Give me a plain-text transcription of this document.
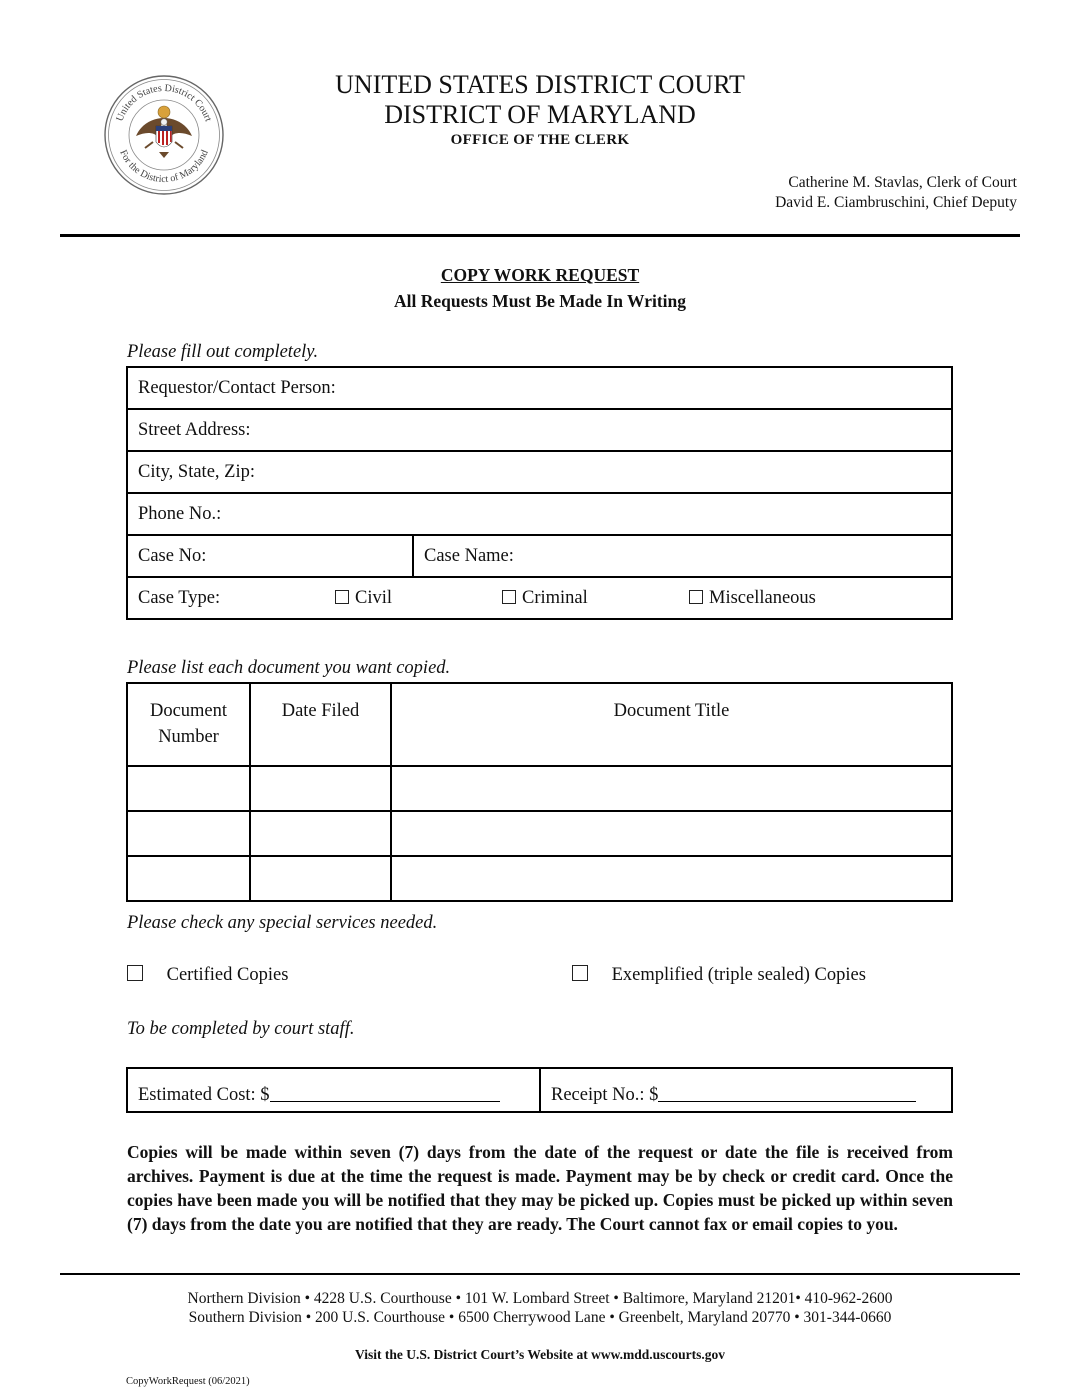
United States District Court
For the District of Maryland
UNITED STATES DISTRICT COURT
DISTRICT OF MARYLAND
OFFICE OF THE CLERK
Catherine M. Stavlas, Clerk of Court
David E. Ciambruschini, Chief Deputy
COPY WORK REQUEST
All Requests Must Be Made In Writing
Please fill out completely.
Requestor/Contact Person:
Street Address:
City, State, Zip:
Phone No.:
Case No:	Case Name:
Case Type:	Civil	Criminal	Miscellaneous
Please list each document you want copied.
Document
Number	Date Filed	Document Title

Please check any special services needed.
Certified Copies	Exemplified (triple sealed) Copies
To be completed by court staff.
Estimated Cost: $	Receipt No.: $
Copies will be made within seven (7) days from the date of the request or date the file is received from archives. Payment is due at the time the request is made. Payment may be by check or credit card. Once the copies have been made you will be notified that they may be picked up. Copies must be picked up within seven (7) days from the date you are notified that they are ready. The Court cannot fax or email copies to you.
Northern Division • 4228 U.S. Courthouse • 101 W. Lombard Street • Baltimore, Maryland 21201• 410-962-2600
Southern Division • 200 U.S. Courthouse • 6500 Cherrywood Lane • Greenbelt, Maryland 20770 • 301-344-0660
Visit the U.S. District Court’s Website at www.mdd.uscourts.gov
CopyWorkRequest (06/2021)
